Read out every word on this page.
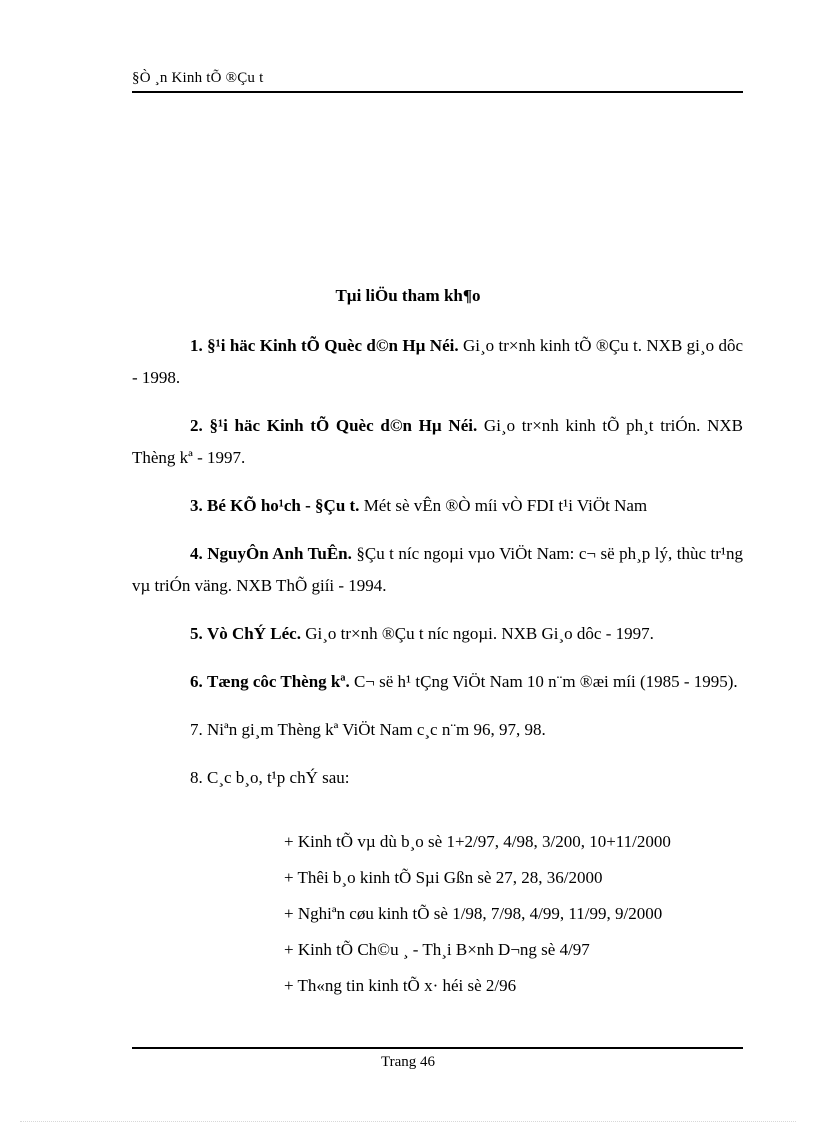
§Ò ¸n Kinh tÕ ®Çu t
Tµi liÖu tham kh¶o

1. §¹i häc Kinh tÕ Quèc d©n Hµ Néi. Gi¸o tr×nh kinh tÕ ®Çu t. NXB gi¸o dôc - 1998.

2. §¹i häc Kinh tÕ Quèc d©n Hµ Néi. Gi¸o tr×nh kinh tÕ ph¸t triÓn. NXB Thèng kª - 1997.

3. Bé KÕ ho¹ch - §Çu t. Mét sè vÊn ®Ò míi vÒ FDI t¹i ViÖt Nam

4. NguyÔn Anh TuÊn. §Çu t níc ngoµi vµo ViÖt Nam: c¬ së ph¸p lý, thùc tr¹ng vµ triÓn väng. NXB ThÕ giíi - 1994.

5. Vò ChÝ Léc. Gi¸o tr×nh ®Çu t níc ngoµi. NXB Gi¸o dôc - 1997.

6. Tæng côc Thèng kª. C¬ së h¹ tÇng ViÖt Nam 10 n¨m ®æi míi (1985 - 1995).

7. Niªn gi¸m Thèng kª ViÖt Nam c¸c n¨m 96, 97, 98.

8. C¸c b¸o, t¹p chÝ sau:

+ Kinh tÕ vµ dù b¸o sè 1+2/97, 4/98, 3/200, 10+11/2000
+ Thêi b¸o kinh tÕ Sµi Gßn sè 27, 28, 36/2000
+ Nghiªn cøu kinh tÕ sè 1/98, 7/98, 4/99, 11/99, 9/2000
+ Kinh tÕ Ch©u ¸ - Th¸i B×nh D¬ng sè 4/97
+ Th«ng tin kinh tÕ x· héi sè 2/96
Trang 46
